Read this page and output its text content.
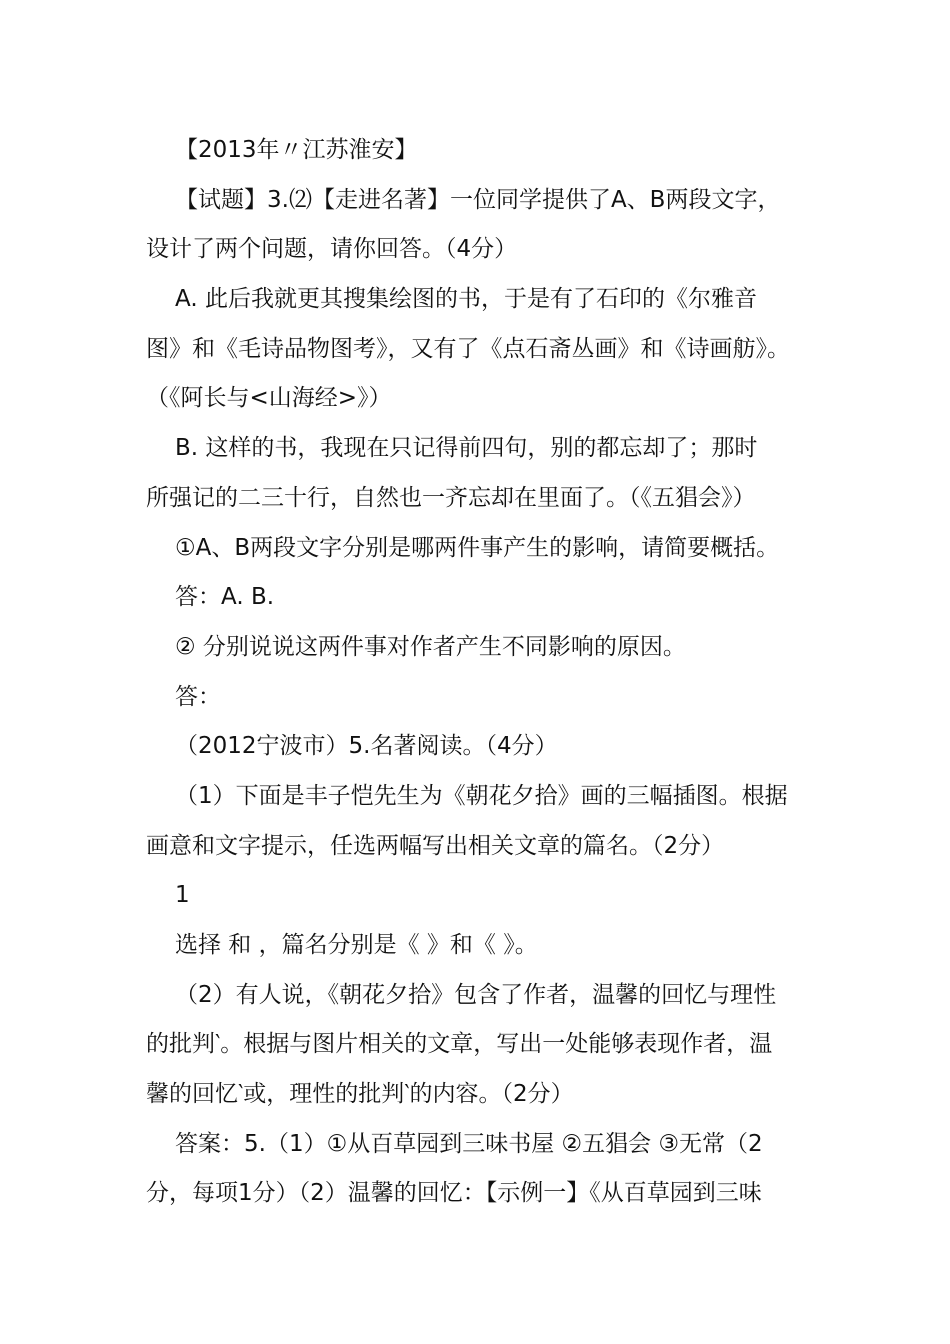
【2013年〃江苏淮安】
【试题】3.⑵【走进名著】一位同学提供了A、B两段文字，
设计了两个问题，请你回答。（4分）
A. 此后我就更其搜集绘图的书，于是有了石印的《尔雅音
图》和《毛诗品物图考》，又有了《点石斋丛画》和《诗画舫》。
（《阿长与<山海经>》）
B. 这样的书，我现在只记得前四句，别的都忘却了；那时
所强记的二三十行，自然也一齐忘却在里面了。（《五猖会》）
①A、B两段文字分别是哪两件事产生的影响，请简要概括。
答：A. B.
② 分别说说这两件事对作者产生不同影响的原因。
答：
（2012宁波市）5.名著阅读。（4分）
（1）下面是丰子恺先生为《朝花夕拾》画的三幅插图。根据
画意和文字提示，任选两幅写出相关文章的篇名。（2分）
1
选择 和 ，篇名分别是《 》和《 》。
（2）有人说，《朝花夕拾》包含了作者，温馨的回忆与理性
的批判‵。根据与图片相关的文章，写出一处能够表现作者，温
馨的回忆‵或，理性的批判‵的内容。（2分）
答案：5.（1）①从百草园到三味书屋 ②五猖会 ③无常（2
分，每项1分）（2）温馨的回忆：【示例一】《从百草园到三味
